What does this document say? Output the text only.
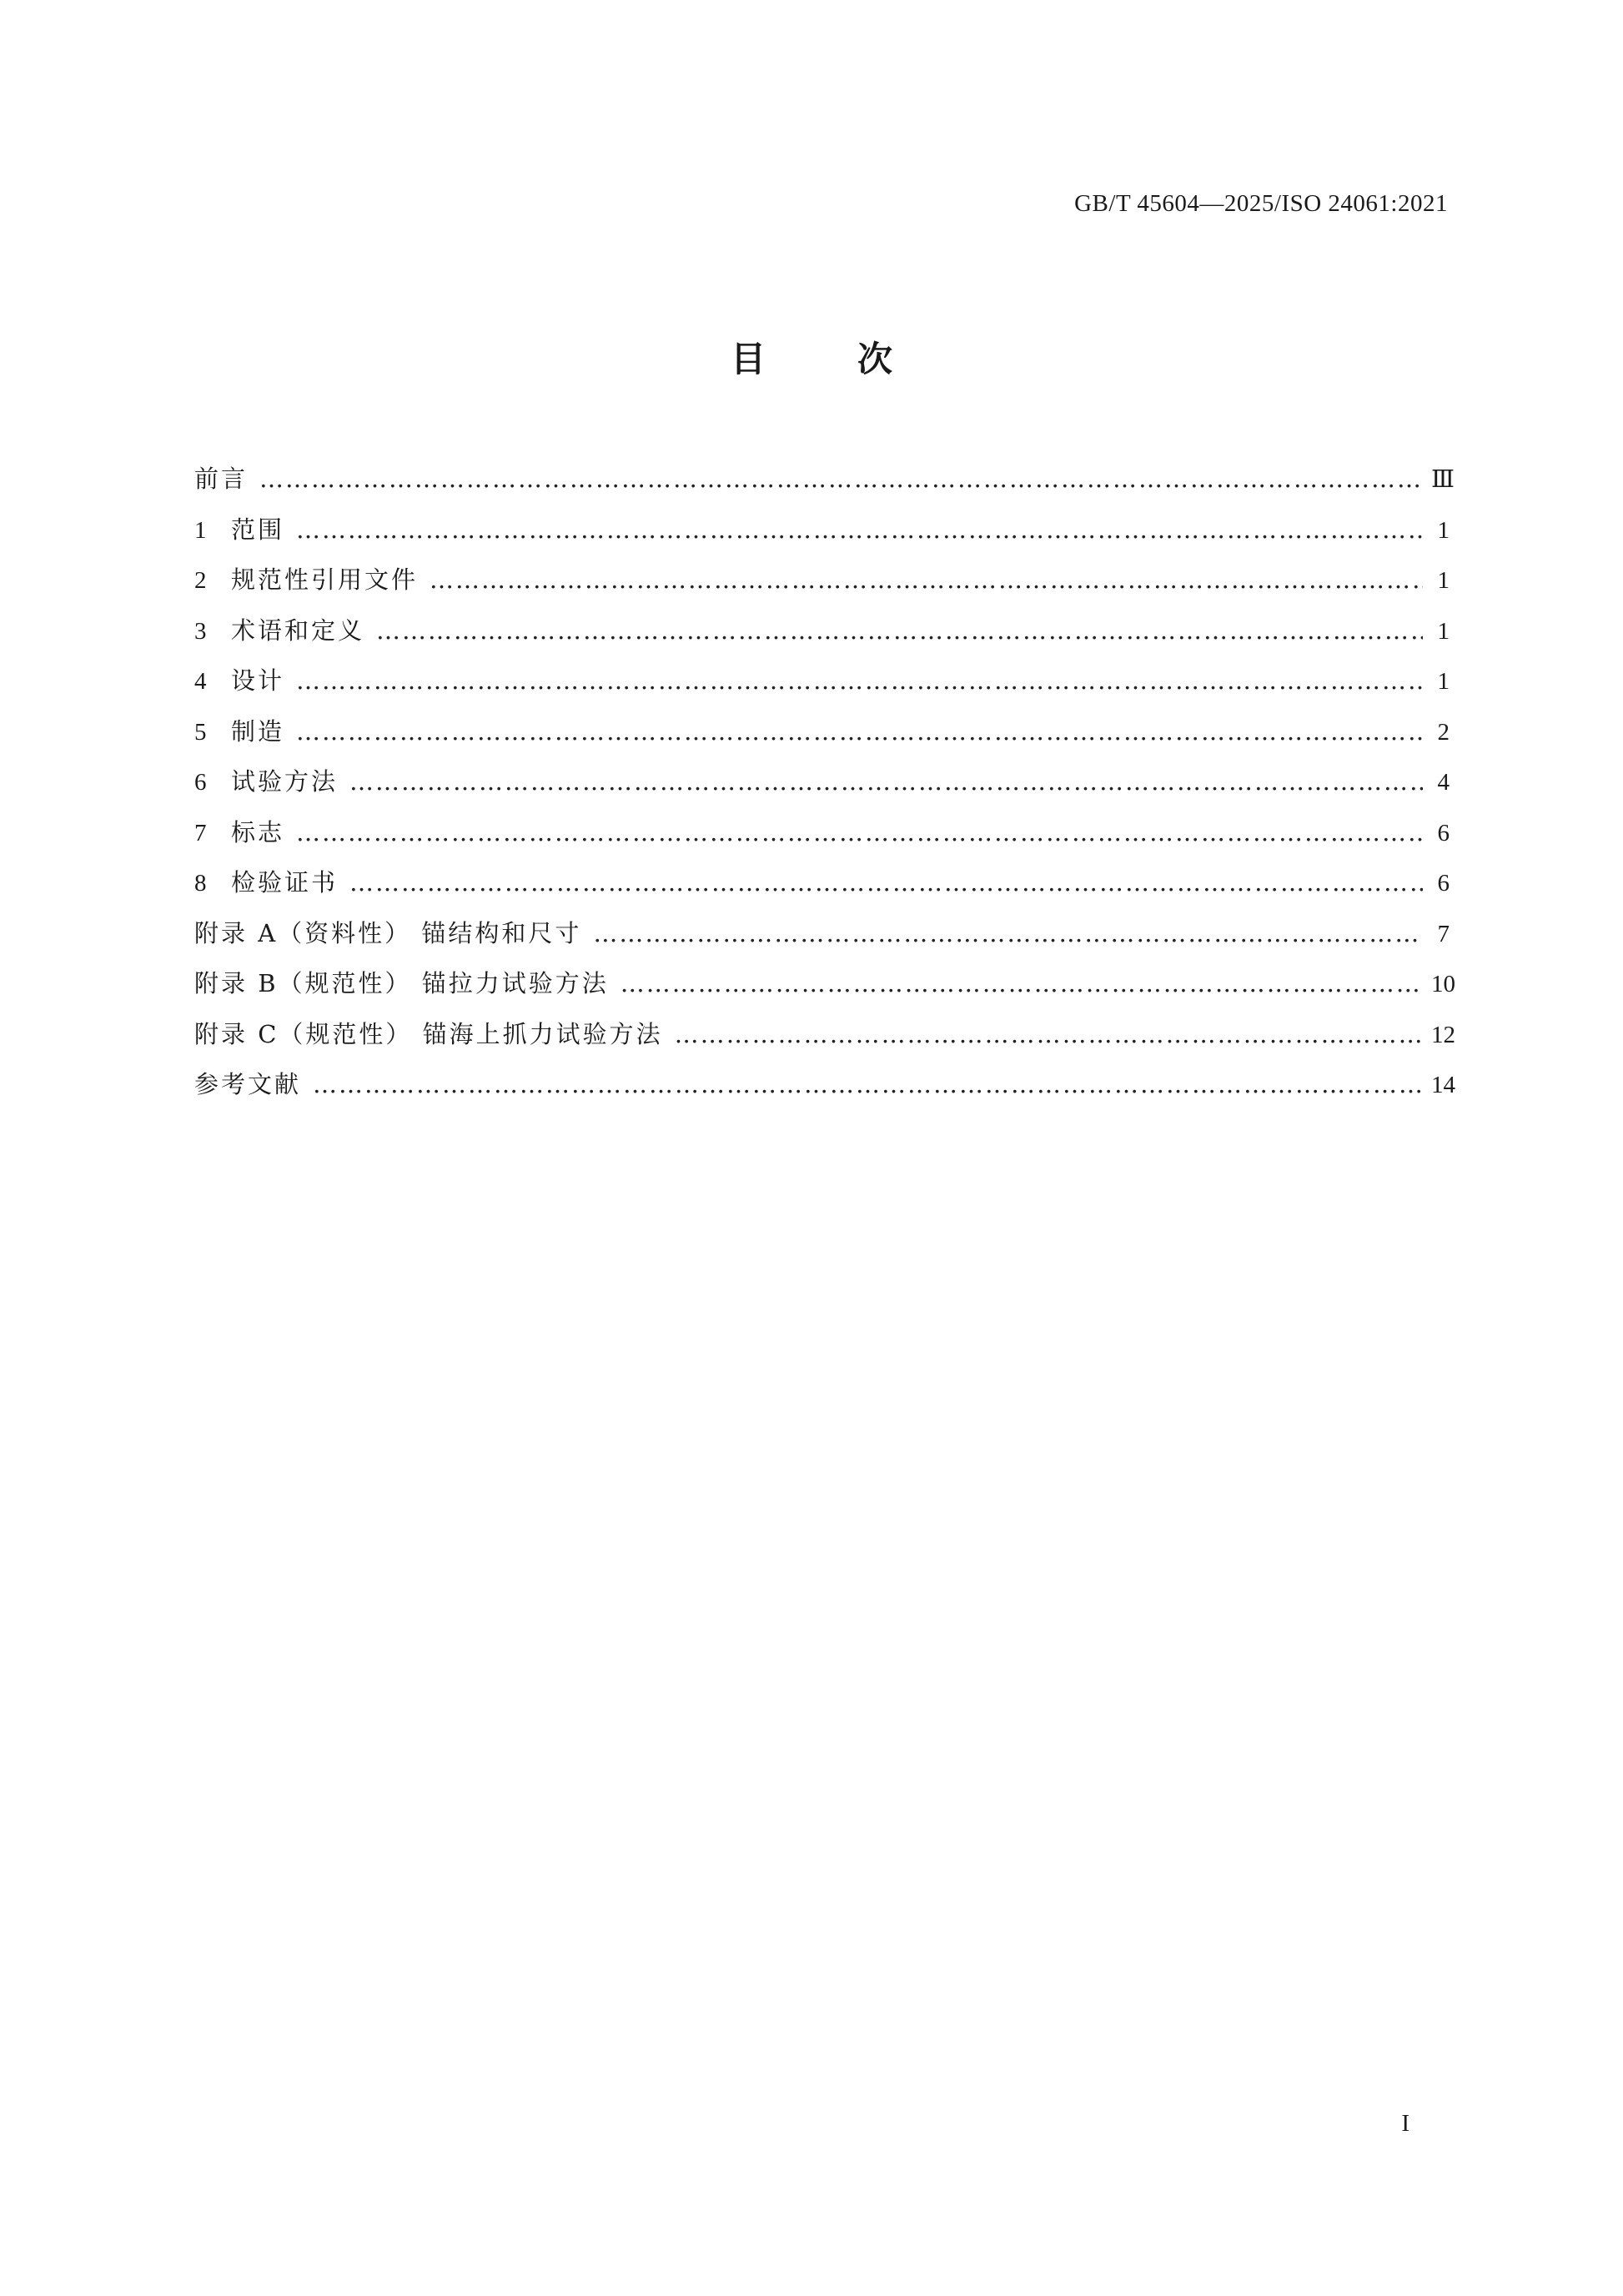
GB/T 45604—2025/ISO 24061:2021
目	次
前言 ……………………………………………………………………………………………………………………………………………………………………………………………………………………	Ⅲ
1 范围 ……………………………………………………………………………………………………………………………………………………………………………………………………………………	1
2 规范性引用文件 ……………………………………………………………………………………………………………………………………………………………………………………………………………………	1
3 术语和定义 ……………………………………………………………………………………………………………………………………………………………………………………………………………………	1
4 设计 ……………………………………………………………………………………………………………………………………………………………………………………………………………………	1
5 制造 ……………………………………………………………………………………………………………………………………………………………………………………………………………………	2
6 试验方法 ……………………………………………………………………………………………………………………………………………………………………………………………………………………	4
7 标志 ……………………………………………………………………………………………………………………………………………………………………………………………………………………	6
8 检验证书 ……………………………………………………………………………………………………………………………………………………………………………………………………………………	6
附录 A（资料性） 锚结构和尺寸 ……………………………………………………………………………………………………………………………………………………………………………………………………………………	7
附录 B（规范性） 锚拉力试验方法 ……………………………………………………………………………………………………………………………………………………………………………………………………………………	10
附录 C（规范性） 锚海上抓力试验方法 ……………………………………………………………………………………………………………………………………………………………………………………………………………………	12
参考文献 ……………………………………………………………………………………………………………………………………………………………………………………………………………………	14
I
